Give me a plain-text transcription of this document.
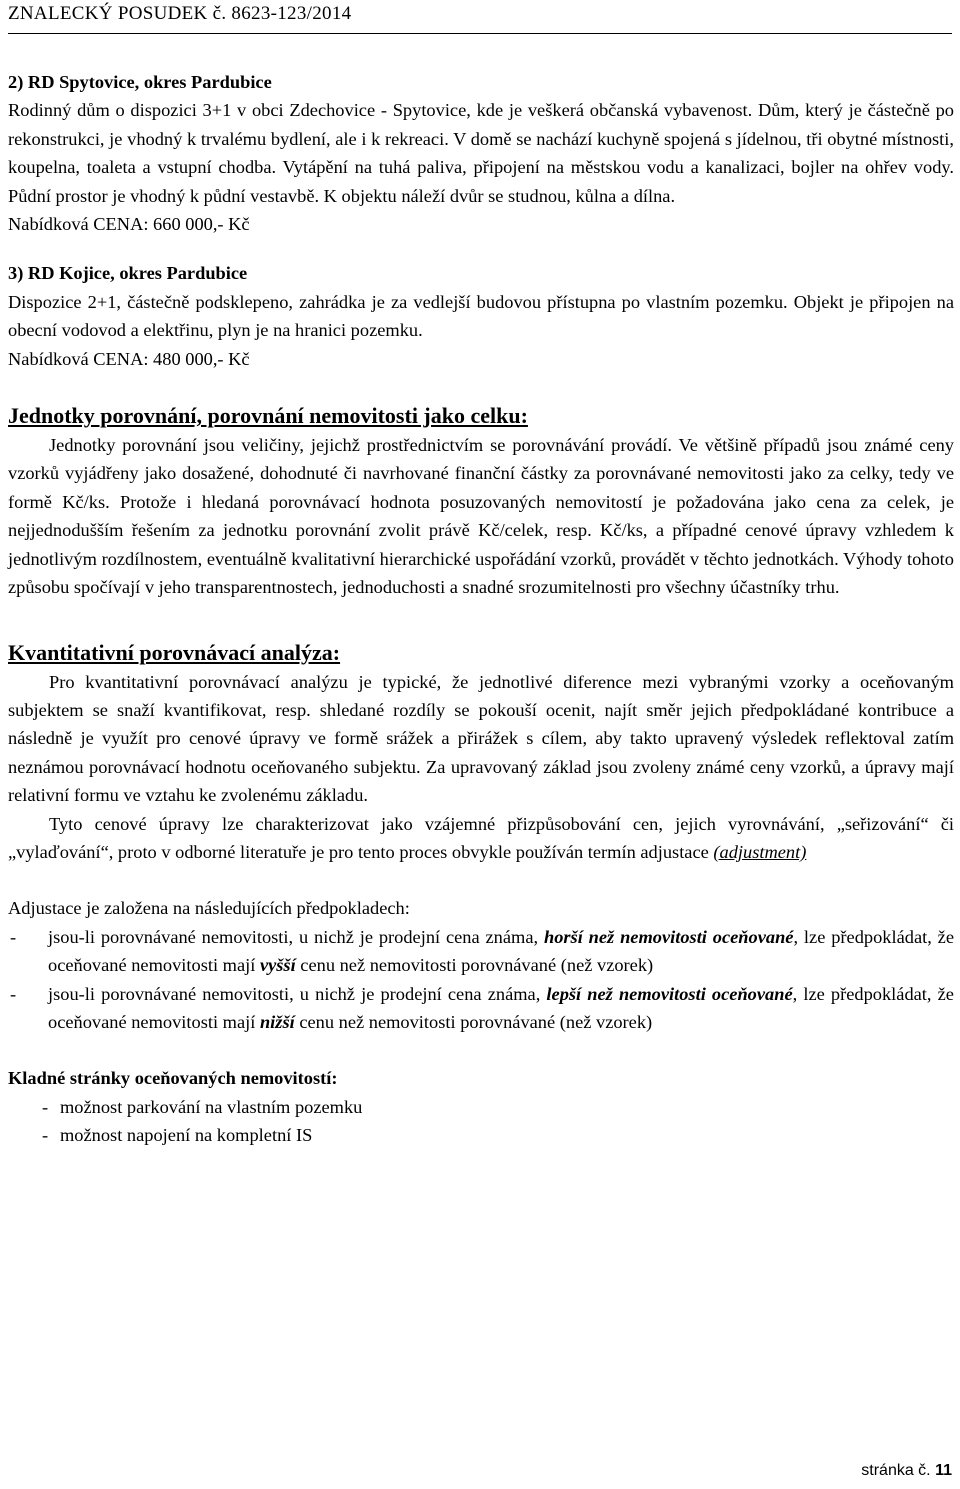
ZNALECKÝ POSUDEK č. 8623-123/2014

2) RD Spytovice, okres Pardubice

Rodinný dům o dispozici 3+1 v obci Zdechovice - Spytovice, kde je veškerá občanská vybavenost. Dům, který je částečně po rekonstrukci, je vhodný k trvalému bydlení, ale i k rekreaci. V domě se nachází kuchyně spojená s jídelnou, tři obytné místnosti, koupelna, toaleta a vstupní chodba. Vytápění na tuhá paliva, připojení na městskou vodu a kanalizaci, bojler na ohřev vody. Půdní prostor je vhodný k půdní vestavbě. K objektu náleží dvůr se studnou, kůlna a dílna.

Nabídková CENA: 660 000,- Kč

3) RD Kojice, okres Pardubice

Dispozice 2+1, částečně podsklepeno, zahrádka je za vedlejší budovou přístupna po vlastním pozemku. Objekt je připojen na obecní vodovod a elektřinu, plyn je na hranici pozemku.

Nabídková CENA: 480 000,- Kč

Jednotky porovnání, porovnání nemovitosti jako celku:

Jednotky porovnání jsou veličiny, jejichž prostřednictvím se porovnávání provádí. Ve většině případů jsou známé ceny vzorků vyjádřeny jako dosažené, dohodnuté či navrhované finanční částky za porovnávané nemovitosti jako za celky, tedy ve formě Kč/ks. Protože i hledaná porovnávací hodnota posuzovaných nemovitostí je požadována jako cena za celek, je nejjednodušším řešením za jednotku porovnání zvolit právě Kč/celek, resp. Kč/ks, a případné cenové úpravy vzhledem k jednotlivým rozdílnostem, eventuálně kvalitativní hierarchické uspořádání vzorků, provádět v těchto jednotkách. Výhody tohoto způsobu spočívají v jeho transparentnostech, jednoduchosti a snadné srozumitelnosti pro všechny účastníky trhu.

Kvantitativní porovnávací analýza:

Pro kvantitativní porovnávací analýzu je typické, že jednotlivé diference mezi vybranými vzorky a oceňovaným subjektem se snaží kvantifikovat, resp. shledané rozdíly se pokouší ocenit, najít směr jejich předpokládané kontribuce a následně je využít pro cenové úpravy ve formě srážek a přirážek s cílem, aby takto upravený výsledek reflektoval zatím neznámou porovnávací hodnotu oceňovaného subjektu. Za upravovaný základ jsou zvoleny známé ceny vzorků, a úpravy mají relativní formu ve vztahu ke zvolenému základu.

Tyto cenové úpravy lze charakterizovat jako vzájemné přizpůsobování cen, jejich vyrovnávání, „seřizování“ či „vylaďování“, proto v odborné literatuře je pro tento proces obvykle používán termín adjustace (adjustment)

Adjustace je založena na následujících předpokladech:

- jsou-li porovnávané nemovitosti, u nichž je prodejní cena známa, horší než nemovitosti oceňované, lze předpokládat, že oceňované nemovitosti mají vyšší cenu než nemovitosti porovnávané (než vzorek)
- jsou-li porovnávané nemovitosti, u nichž je prodejní cena známa, lepší než nemovitosti oceňované, lze předpokládat, že oceňované nemovitosti mají nižší cenu než nemovitosti porovnávané (než vzorek)

Kladné stránky oceňovaných nemovitostí:

- možnost parkování na vlastním pozemku
- možnost napojení na kompletní IS
stránka č. 11
